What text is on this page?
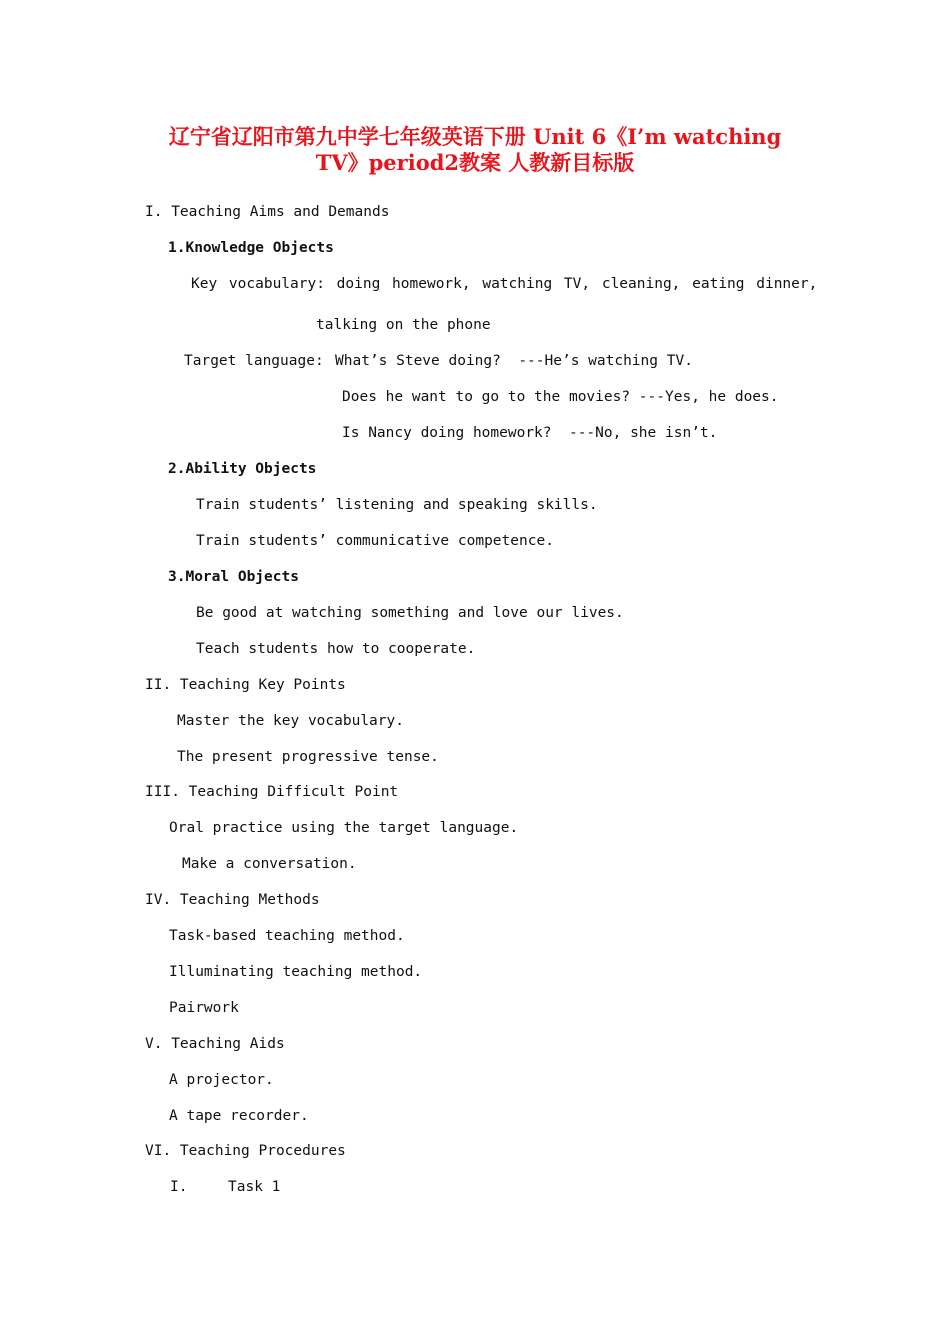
辽宁省辽阳市第九中学七年级英语下册 Unit 6《I’m watching
TV》period2教案 人教新目标版
I. Teaching Aims and Demands
1.Knowledge Objects
Key vocabulary: doing homework, watching TV, cleaning, eating dinner,
talking on the phone
Target language: What’s Steve doing?  ---He’s watching TV.
Does he want to go to the movies? ---Yes, he does.
Is Nancy doing homework?  ---No, she isn’t.
2.Ability Objects
Train students’ listening and speaking skills.
Train students’ communicative competence.
3.Moral Objects
Be good at watching something and love our lives.
Teach students how to cooperate.
II. Teaching Key Points
Master the key vocabulary.
The present progressive tense.
III. Teaching Difficult Point
Oral practice using the target language.
Make a conversation.
IV. Teaching Methods
Task-based teaching method.
Illuminating teaching method.
Pairwork
V. Teaching Aids
A projector.
A tape recorder.
VI. Teaching Procedures
I.	Task 1
